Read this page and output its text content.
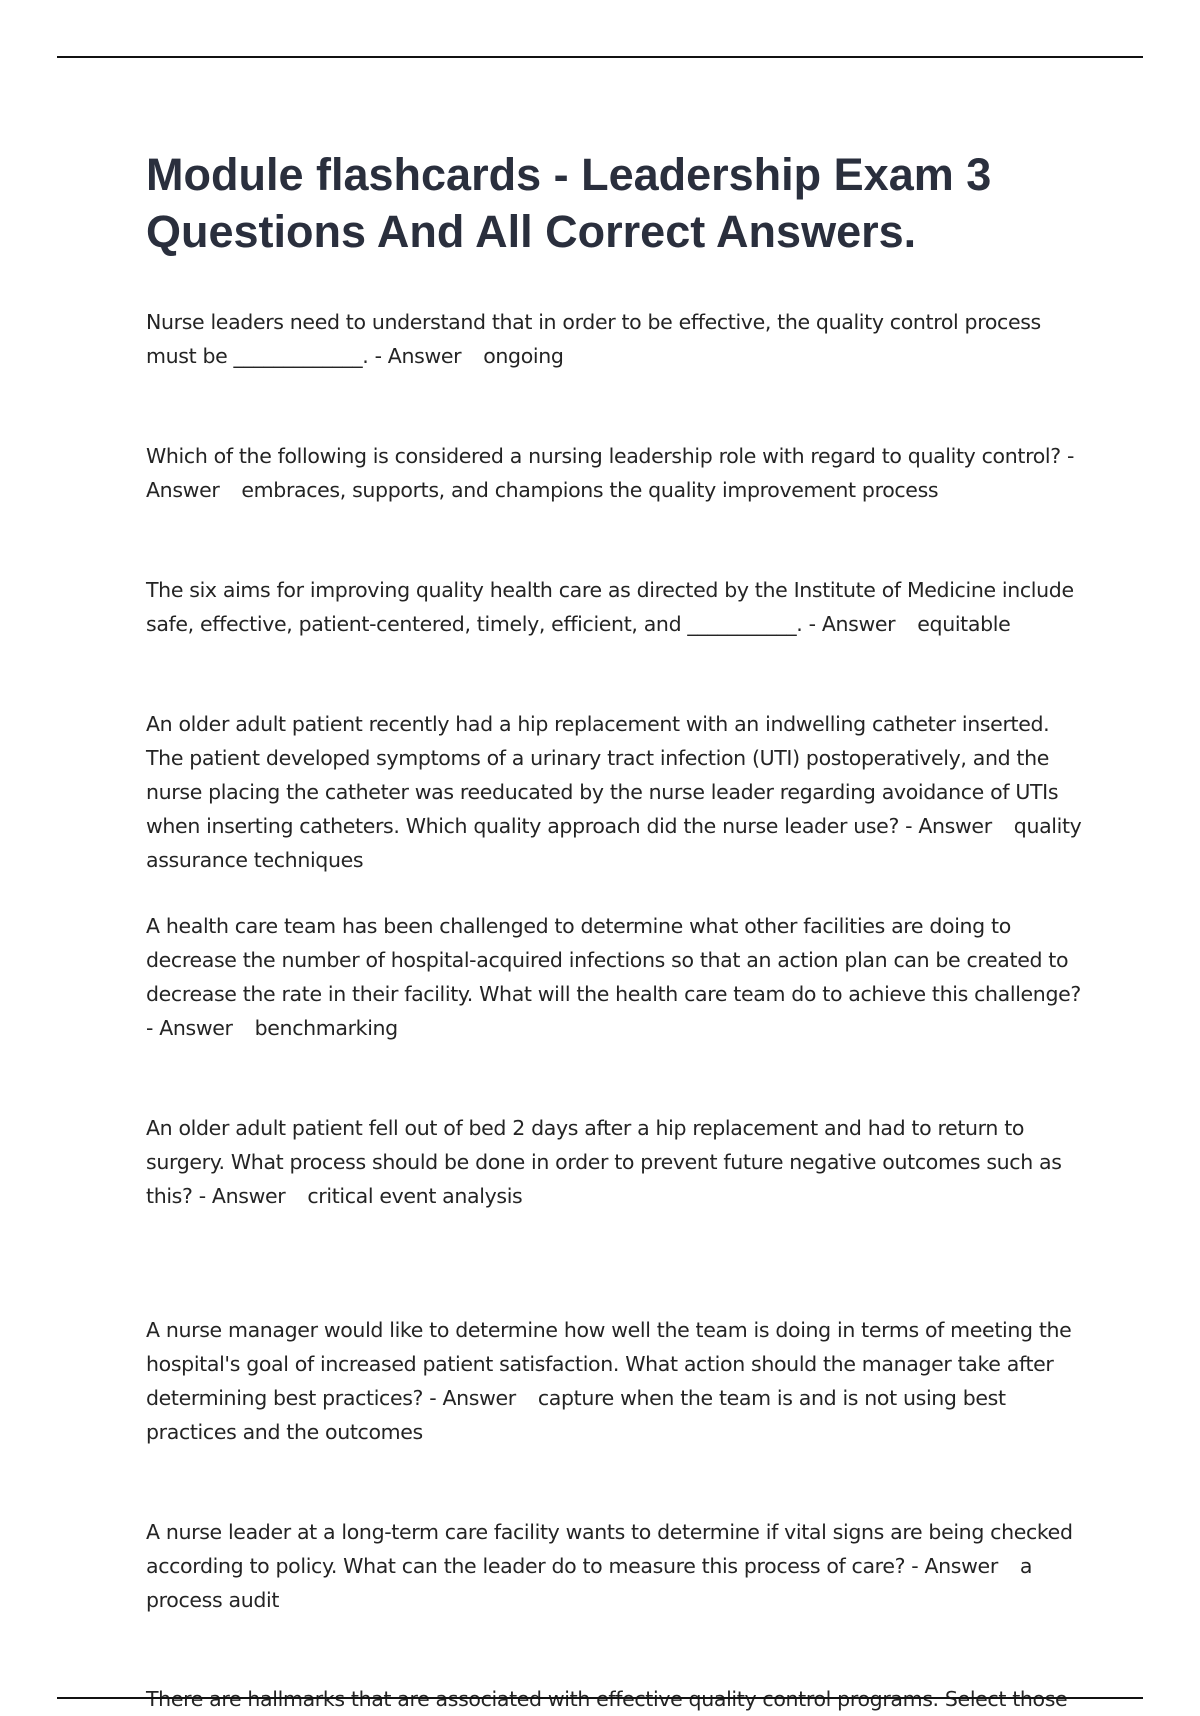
Module flashcards - Leadership Exam 3 Questions And All Correct Answers.

Nurse leaders need to understand that in order to be effective, the quality control process must be _____________. - Answer ongoing

Which of the following is considered a nursing leadership role with regard to quality control? - Answer embraces, supports, and champions the quality improvement process

The six aims for improving quality health care as directed by the Institute of Medicine include safe, effective, patient-centered, timely, efficient, and ___________. - Answer equitable

An older adult patient recently had a hip replacement with an indwelling catheter inserted. The patient developed symptoms of a urinary tract infection (UTI) postoperatively, and the nurse placing the catheter was reeducated by the nurse leader regarding avoidance of UTIs when inserting catheters. Which quality approach did the nurse leader use? - Answer quality assurance techniques

A health care team has been challenged to determine what other facilities are doing to decrease the number of hospital-acquired infections so that an action plan can be created to decrease the rate in their facility. What will the health care team do to achieve this challenge? - Answer benchmarking

An older adult patient fell out of bed 2 days after a hip replacement and had to return to surgery. What process should be done in order to prevent future negative outcomes such as this? - Answer critical event analysis

A nurse manager would like to determine how well the team is doing in terms of meeting the hospital's goal of increased patient satisfaction. What action should the manager take after determining best practices? - Answer capture when the team is and is not using best practices and the outcomes

A nurse leader at a long-term care facility wants to determine if vital signs are being checked according to policy. What can the leader do to measure this process of care? - Answer a process audit

There are hallmarks that are associated with effective quality control programs. Select those
